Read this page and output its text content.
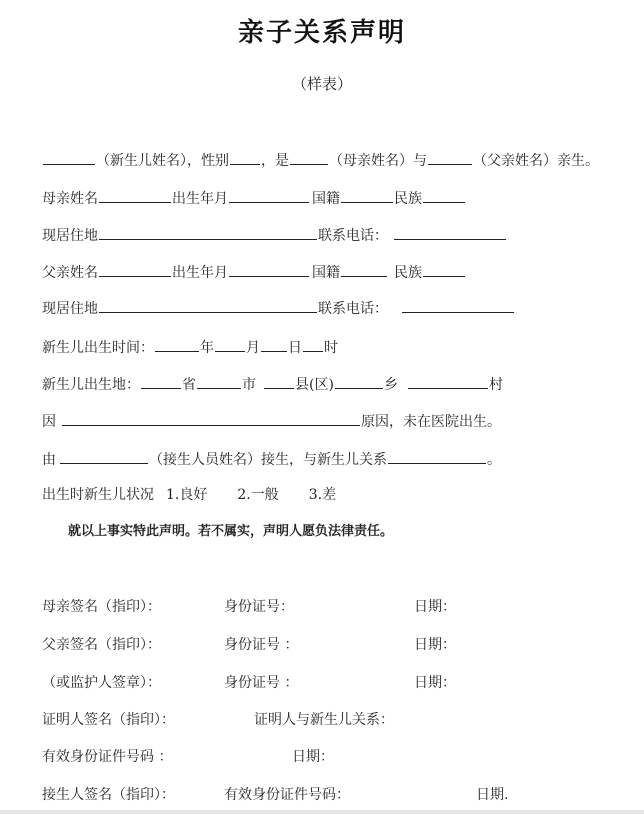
亲子关系声明
（样表）
（新生儿姓名），性别 ，是	（母亲姓名）与	（父亲姓名）亲生。
母亲姓名	出生年月	国籍	民族
现居住地	联系电话：
父亲姓名	出生年月	国籍	民族
现居住地	联系电话：
新生儿出生时间：	年 月 日 时
新生儿出生地：	省	市	县(区)	乡	村
因	原因，未在医院出生。
由	（接生人员姓名）接生，与新生儿关系	。
出生时新生儿状况 1.良好 2.一般 3.差
就以上事实特此声明。若不属实，声明人愿负法律责任。
母亲签名（指印）：	身份证号：	日期：
父亲签名（指印）：	身份证号 ：	日期：
（或监护人签章）：	身份证号 ：	日期：
证明人签名（指印）：	证明人与新生儿关系：
有效身份证件号码 ：	日期：
接生人签名（指印）：	有效身份证件号码：	日期.
